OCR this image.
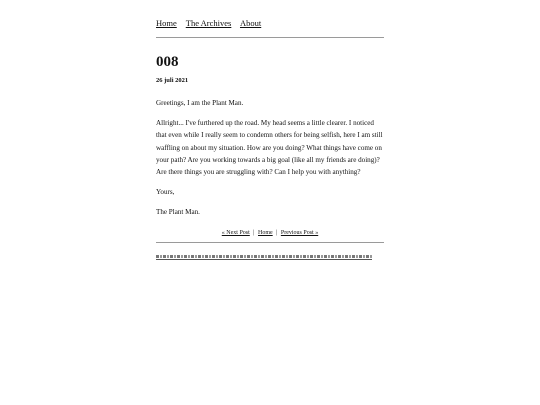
Home The Archives About
008
26 juli 2021

Greetings, I am the Plant Man.

Allright... I've furthered up the road. My head seems a little clearer. I noticed that even while I really seem to condemn others for being selfish, here I am still waffling on about my situation. How are you doing? What things have come on your path? Are you working towards a big goal (like all my friends are doing)? Are there things you are struggling with? Can I help you with anything?

Yours,

The Plant Man.

« Next Post | Home | Previous Post »
